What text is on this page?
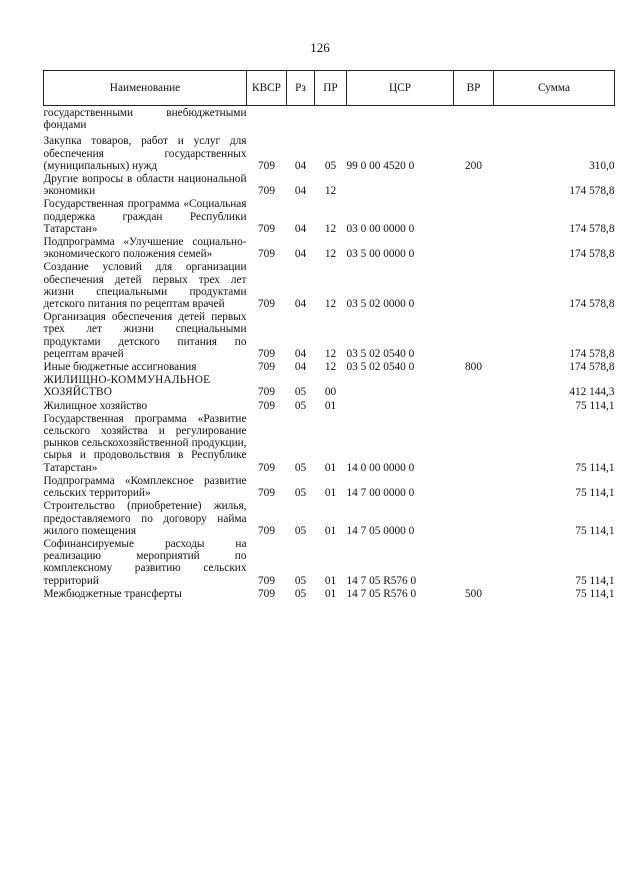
126
Наименование	КВСР	Рз	ПР	ЦСР	ВР	Сумма
государственными внебюджетными фондами						
Закупка товаров, работ и услуг для обеспечения государственных (муниципальных) нужд	709	04	05	99 0 00 4520 0	200	310,0
Другие вопросы в области национальной экономики	709	04	12			174 578,8
Государственная программа «Социальная поддержка граждан Республики Татарстан»	709	04	12	03 0 00 0000 0		174 578,8
Подпрограмма «Улучшение социально-экономического положения семей»	709	04	12	03 5 00 0000 0		174 578,8
Создание условий для организации обеспечения детей первых трех лет жизни специальными продуктами детского питания по рецептам врачей	709	04	12	03 5 02 0000 0		174 578,8
Организация обеспечения детей первых трех лет жизни специальными продуктами детского питания по рецептам врачей	709	04	12	03 5 02 0540 0		174 578,8
Иные бюджетные ассигнования	709	04	12	03 5 02 0540 0	800	174 578,8
ЖИЛИЩНО-КОММУНАЛЬНОЕ ХОЗЯЙСТВО	709	05	00			412 144,3
Жилищное хозяйство	709	05	01			75 114,1
Государственная программа «Развитие сельского хозяйства и регулирование рынков сельскохозяйственной продукции, сырья и продовольствия в Республике Татарстан»	709	05	01	14 0 00 0000 0		75 114,1
Подпрограмма «Комплексное развитие сельских территорий»	709	05	01	14 7 00 0000 0		75 114,1
Строительство (приобретение) жилья, предоставляемого по договору найма жилого помещения	709	05	01	14 7 05 0000 0		75 114,1
Софинансируемые расходы на реализацию мероприятий по комплексному развитию сельских территорий	709	05	01	14 7 05 R576 0		75 114,1
Межбюджетные трансферты	709	05	01	14 7 05 R576 0	500	75 114,1
